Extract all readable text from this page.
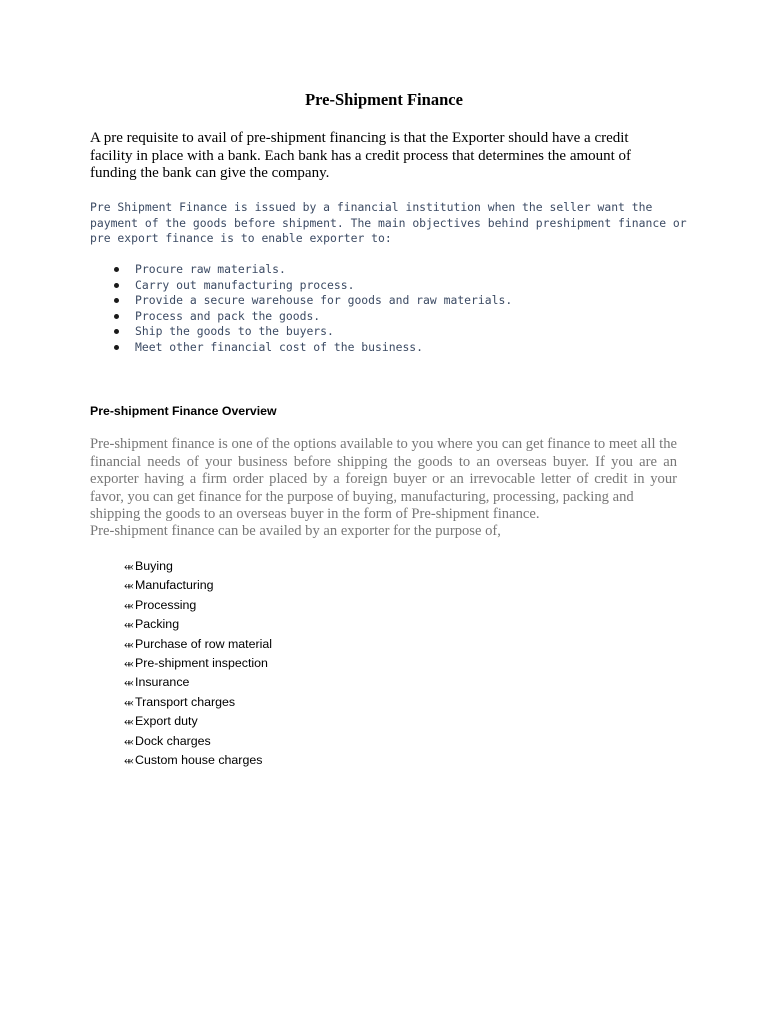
Pre-Shipment Finance

A pre requisite to avail of pre-shipment financing is that the Exporter should have a credit facility in place with a bank. Each bank has a credit process that determines the amount of funding the bank can give the company.

Pre Shipment Finance is issued by a financial institution when the seller want the payment of the goods before shipment. The main objectives behind preshipment finance or pre export finance is to enable exporter to:

Procure raw materials.
Carry out manufacturing process.
Provide a secure warehouse for goods and raw materials.
Process and pack the goods.
Ship the goods to the buyers.
Meet other financial cost of the business.
Pre-shipment Finance Overview

Pre-shipment finance is one of the options available to you where you can get finance to meet all the financial needs of your business before shipping the goods to an overseas buyer. If you are an exporter having a firm order placed by a foreign buyer or an irrevocable letter of credit in your favor, you can get finance for the purpose of buying, manufacturing, processing, packing and
shipping the goods to an overseas buyer in the form of Pre-shipment finance.

Pre-shipment finance can be availed by an exporter for the purpose of,

⬺Buying
⬺Manufacturing
⬺Processing
⬺Packing
⬺Purchase of row material
⬺Pre-shipment inspection
⬺Insurance
⬺Transport charges
⬺Export duty
⬺Dock charges
⬺Custom house charges
